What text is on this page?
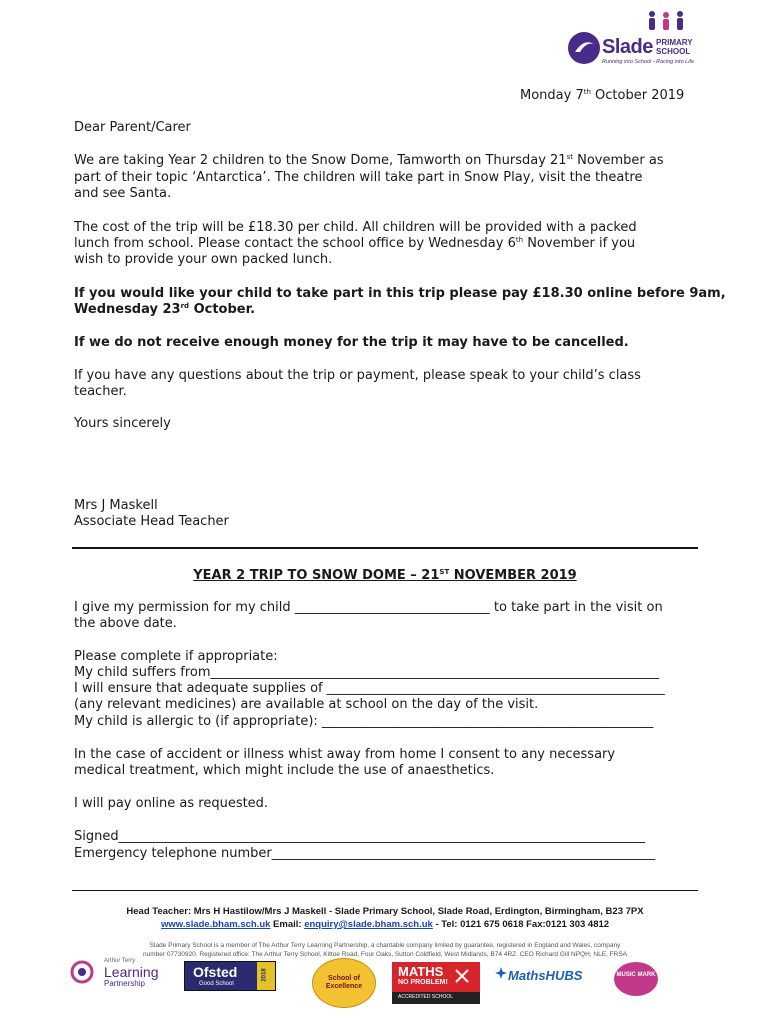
Slade PRIMARY
SCHOOL
Running into School - Racing into Life
Monday 7th October 2019
Dear Parent/Carer
We are taking Year 2 children to the Snow Dome, Tamworth on Thursday 21st November as
part of their topic ‘Antarctica’. The children will take part in Snow Play, visit the theatre
and see Santa.
The cost of the trip will be £18.30 per child. All children will be provided with a packed
lunch from school. Please contact the school office by Wednesday 6th November if you
wish to provide your own packed lunch.
If you would like your child to take part in this trip please pay £18.30 online before 9am,
Wednesday 23rd October.
If we do not receive enough money for the trip it may have to be cancelled.
If you have any questions about the trip or payment, please speak to your child’s class
teacher.
Yours sincerely
Mrs J Maskell
Associate Head Teacher
YEAR 2 TRIP TO SNOW DOME – 21ST NOVEMBER 2019
I give my permission for my child ______________________________ to take part in the visit on
the above date.
Please complete if appropriate:
My child suffers from_____________________________________________________________________
I will ensure that adequate supplies of ____________________________________________________
(any relevant medicines) are available at school on the day of the visit.
My child is allergic to (if appropriate): ___________________________________________________
In the case of accident or illness whist away from home I consent to any necessary
medical treatment, which might include the use of anaesthetics.
I will pay online as requested.
Signed_________________________________________________________________________________
Emergency telephone number___________________________________________________________
Head Teacher: Mrs H Hastilow/Mrs J Maskell - Slade Primary School, Slade Road, Erdington, Birmingham, B23 7PX
www.slade.bham.sch.uk Email: enquiry@slade.bham.sch.uk - Tel: 0121 675 0618 Fax:0121 303 4812
Slade Primary School is a member of The Arthur Terry Learning Partnership, a charitable company limited by guarantee, registered in England and Wales, company
number 07730920. Registered office: The Arthur Terry School, Kittoe Road, Four Oaks, Sutton Coldfield, West Midlands, B74 4RZ. CEO Richard Gill NPQH, NLE, FRSA
Arthur Terry
Learning
Partnership
Ofsted
Good School
2018	School of Excellence
MATHS
NO PROBLEM!
ACCREDITED SCHOOL
MathsHUBS	MUSIC MARK
